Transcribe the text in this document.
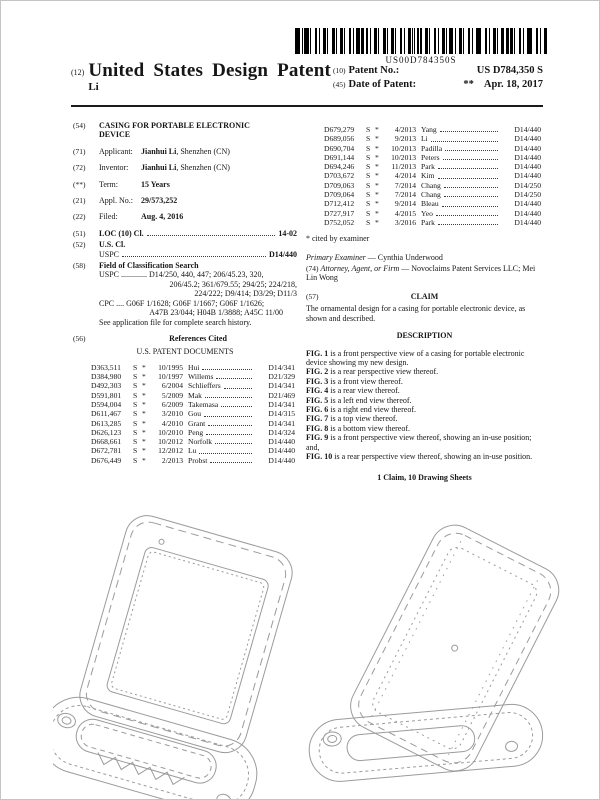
US00D784350S
(12) United States Design Patent
Li
(10) Patent No.:	US D784,350 S
(45) Date of Patent:	** Apr. 18, 2017
(54)	CASING FOR PORTABLE ELECTRONIC DEVICE
(71)	Applicant: Jianhui Li, Shenzhen (CN)
(72)	Inventor: Jianhui Li, Shenzhen (CN)
(**)	Term:	15 Years
(21)	Appl. No.: 29/573,252
(22)	Filed:	Aug. 4, 2016
(51)	LOC (10) Cl.	14-02
(52)	U.S. Cl.
USPC	D14/440
(58)	Field of Classification Search
USPC ............. D14/250, 440, 447; 206/45.23, 320,
206/45.2; 361/679.55; 294/25; 224/218,
224/222; D9/414; D3/29; D11/3
CPC .... G06F 1/1628; G06F 1/1667; G06F 1/1626;
A47B 23/044; H04B 1/3888; A45C 11/00
See application file for complete search history.
(56)	References Cited
U.S. PATENT DOCUMENTS
D363,511	S *	10/1995 Hui	D14/341
D384,980	S *	10/1997 Willems	D21/329
D492,303	S *	6/2004 Schlieffers	D14/341
D591,801	S *	5/2009 Mak	D21/469
D594,004	S *	6/2009 Takemasa	D14/341
D611,467	S *	3/2010 Gou	D14/315
D613,285	S *	4/2010 Grant	D14/341
D626,123	S *	10/2010 Peng	D14/324
D668,661	S *	10/2012 Norfolk	D14/440
D672,781	S *	12/2012 Lu	D14/440
D676,449	S *	2/2013 Probst	D14/440
D679,279	S *	4/2013 Yang	D14/440
D689,056	S *	9/2013 Li	D14/440
D690,704	S *	10/2013 Padilla	D14/440
D691,144	S *	10/2013 Peters	D14/440
D694,246	S *	11/2013 Park	D14/440
D703,672	S *	4/2014 Kim	D14/440
D709,063	S *	7/2014 Chang	D14/250
D709,064	S *	7/2014 Chang	D14/250
D712,412	S *	9/2014 Bleau	D14/440
D727,917	S *	4/2015 Yeo	D14/440
D752,052	S *	3/2016 Park	D14/440
* cited by examiner
Primary Examiner — Cynthia Underwood
(74) Attorney, Agent, or Firm — Novoclaims Patent Services LLC; Mei Lin Wong
(57)	CLAIM
The ornamental design for a casing for portable electronic device, as shown and described.
DESCRIPTION

FIG. 1 is a front perspective view of a casing for portable electronic device showing my new design.

FIG. 2 is a rear perspective view thereof.

FIG. 3 is a front view thereof.

FIG. 4 is a rear view thereof.

FIG. 5 is a left end view thereof.

FIG. 6 is a right end view thereof.

FIG. 7 is a top view thereof.

FIG. 8 is a bottom view thereof.

FIG. 9 is a front perspective view thereof, showing an in-use position; and,

FIG. 10 is a rear perspective view thereof, showing an in-use position.

1 Claim, 10 Drawing Sheets
